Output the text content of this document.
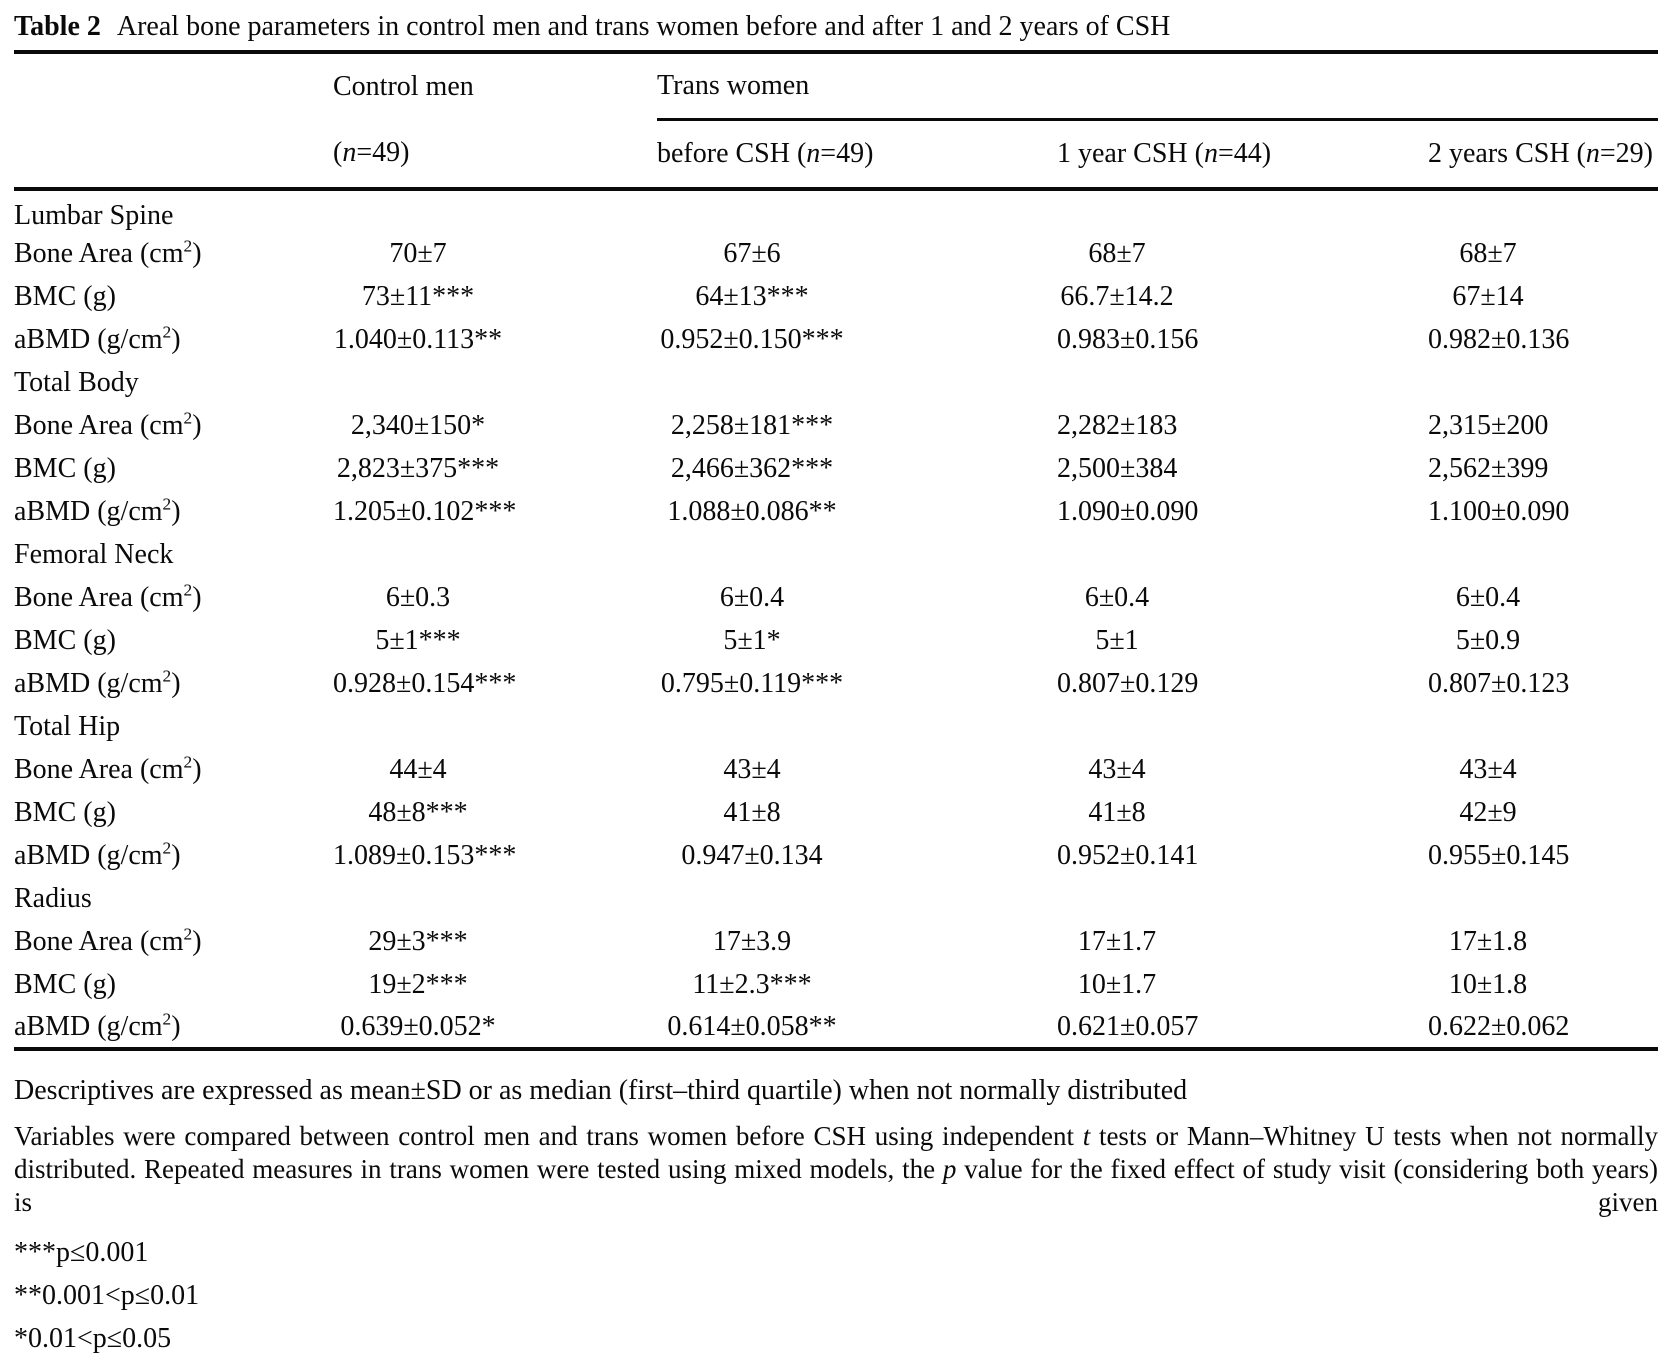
Table 2 Areal bone parameters in control men and trans women before and after 1 and 2 years of CSH
	Control men	Trans women		
	(n=49)	before CSH (n=49)	1 year CSH (n=44)	2 years CSH (n=29)
Lumbar Spine				
Bone Area $(cm^2)$	70±7	67±6	68±7	68±7
BMC (g)	73±11***	64±13***	66.7±14.2	67±14
aBMD $(g/cm^2)$	1.040±0.113**	0.952±0.150***	0.983±0.156	0.982±0.136
Total Body				
Bone Area $(cm^2)$	2,340±150*	2,258±181***	2,282±183	2,315±200
BMC (g)	2,823±375***	2,466±362***	2,500±384	2,562±399
aBMD $(g/cm^2)$	1.205±0.102***	1.088±0.086**	1.090±0.090	1.100±0.090
Femoral Neck				
Bone Area $(cm^2)$	6±0.3	6±0.4	6±0.4	6±0.4
BMC (g)	5±1***	5±1*	5±1	5±0.9
aBMD $(g/cm^2)$	0.928±0.154***	0.795±0.119***	0.807±0.129	0.807±0.123
Total Hip				
Bone Area $(cm^2)$	44±4	43±4	43±4	43±4
BMC (g)	48±8***	41±8	41±8	42±9
aBMD $(g/cm^2)$	1.089±0.153***	0.947±0.134	0.952±0.141	0.955±0.145
Radius				
Bone Area $(cm^2)$	29±3***	17±3.9	17±1.7	17±1.8
BMC (g)	19±2***	11±2.3***	10±1.7	10±1.8
aBMD $(g/cm^2)$	0.639±0.052*	0.614±0.058**	0.621±0.057	0.622±0.062
Descriptives are expressed as mean±SD or as median (first–third quartile) when not normally distributed
Variables were compared between control men and trans women before CSH using independent t tests or Mann–Whitney U tests when not normally distributed. Repeated measures in trans women were tested using mixed models, the p value for the fixed effect of study visit (considering both years) is given
***p≤0.001
**0.001<p≤0.01
*0.01<p≤0.05
